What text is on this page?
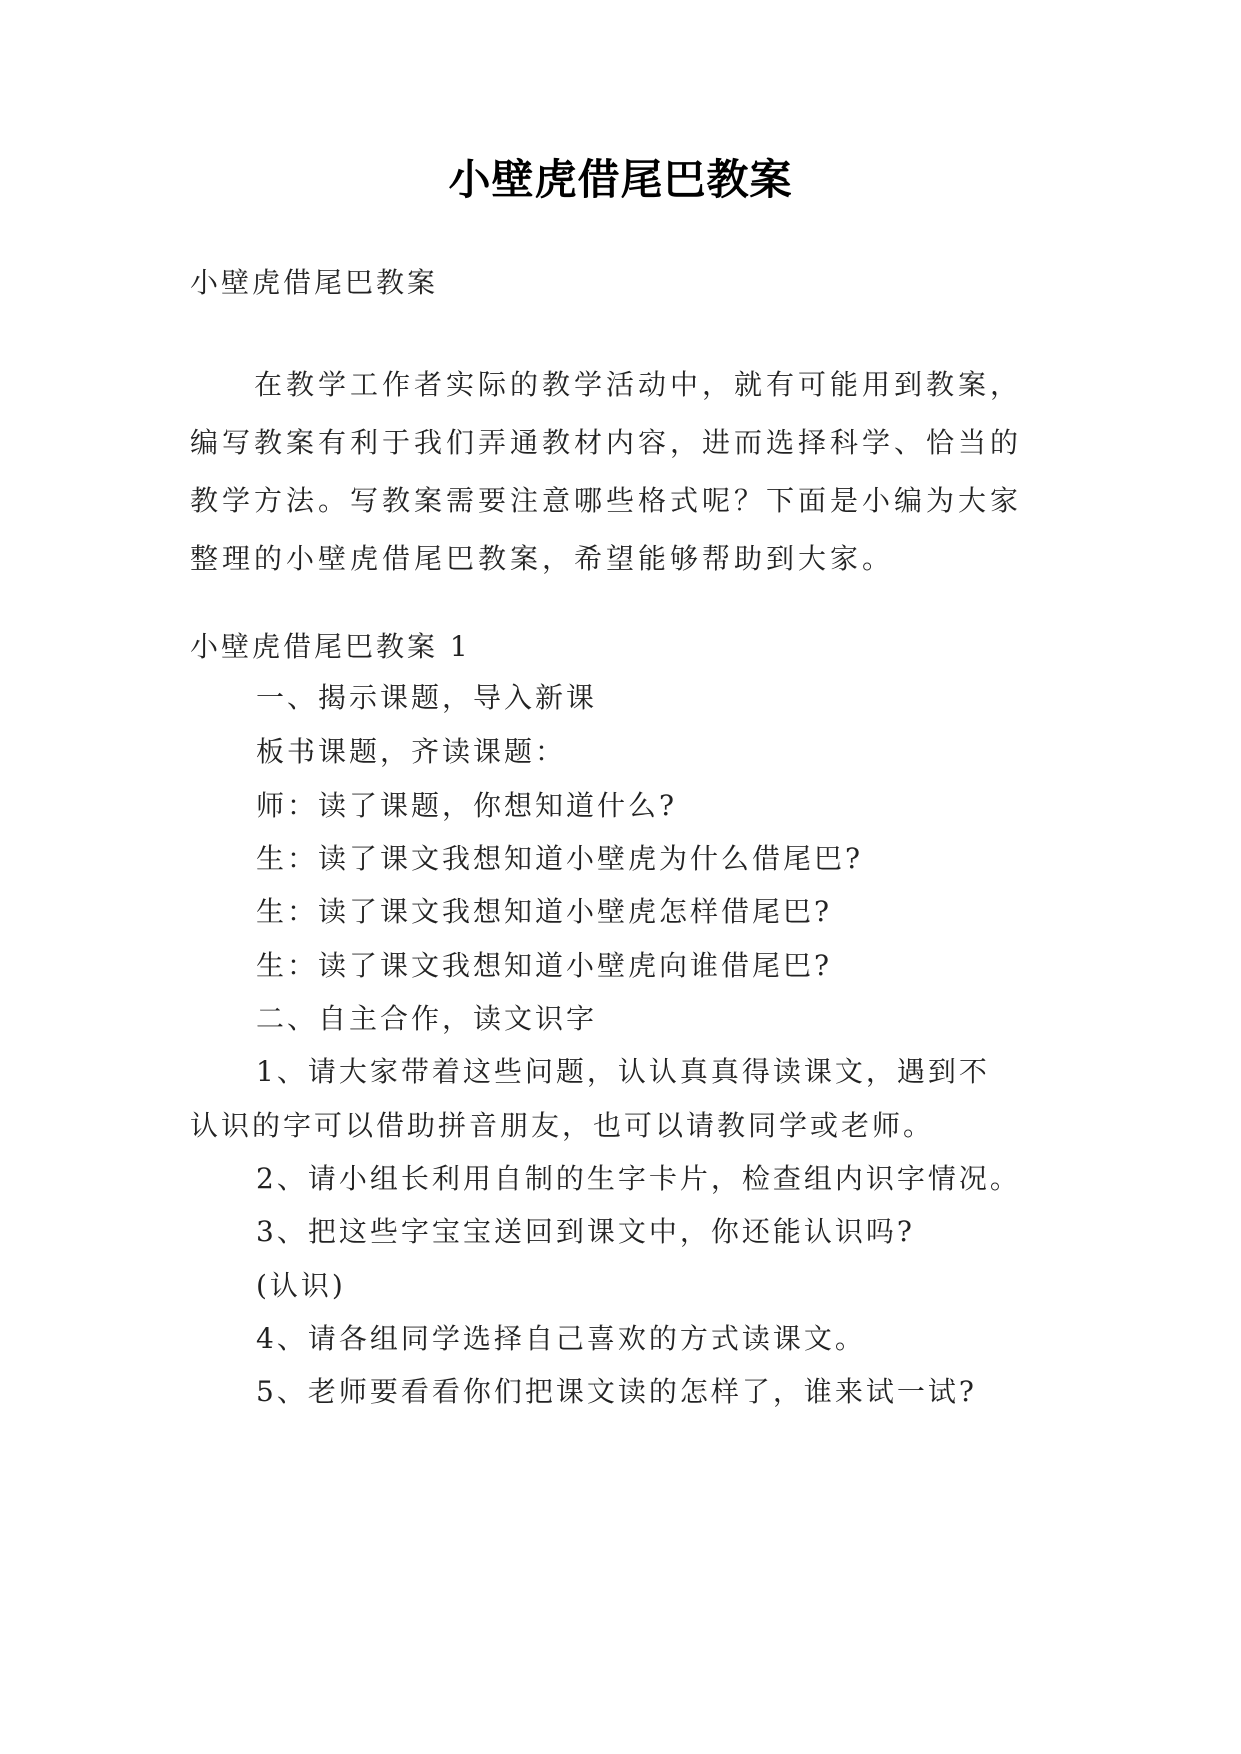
小壁虎借尾巴教案
小壁虎借尾巴教案
在教学工作者实际的教学活动中，就有可能用到教案，
编写教案有利于我们弄通教材内容，进而选择科学、恰当的
教学方法。写教案需要注意哪些格式呢？下面是小编为大家
整理的小壁虎借尾巴教案，希望能够帮助到大家。
小壁虎借尾巴教案 1
一、揭示课题，导入新课
板书课题，齐读课题：
师：读了课题，你想知道什么?
生：读了课文我想知道小壁虎为什么借尾巴?
生：读了课文我想知道小壁虎怎样借尾巴?
生：读了课文我想知道小壁虎向谁借尾巴?
二、自主合作，读文识字
1、请大家带着这些问题，认认真真得读课文，遇到不
认识的字可以借助拼音朋友，也可以请教同学或老师。
2、请小组长利用自制的生字卡片，检查组内识字情况。
3、把这些字宝宝送回到课文中，你还能认识吗?
(认识)
4、请各组同学选择自己喜欢的方式读课文。
5、老师要看看你们把课文读的怎样了，谁来试一试?
